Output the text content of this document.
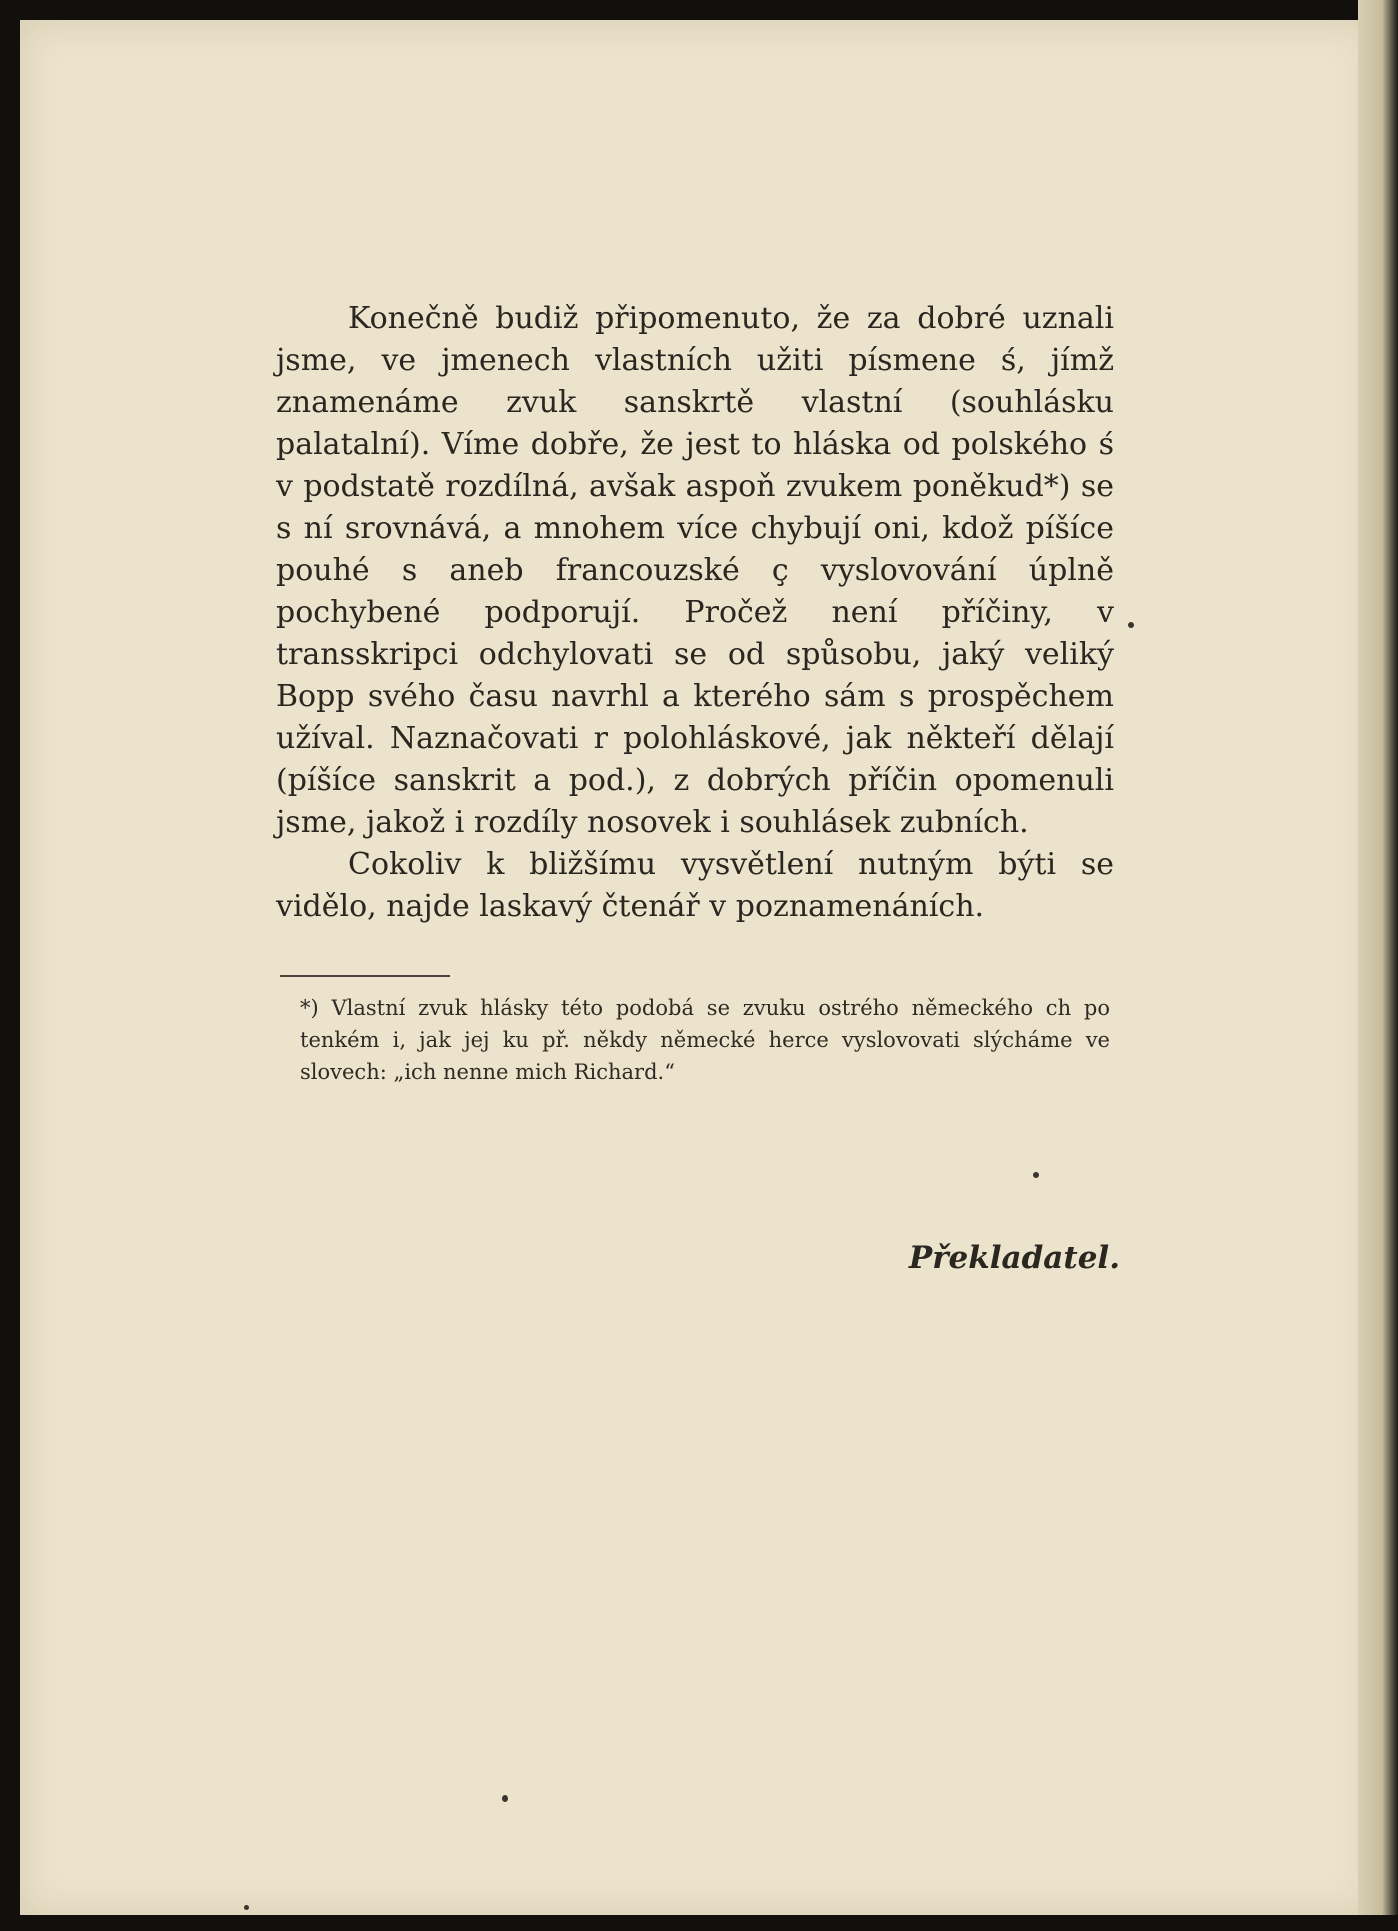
Konečně budiž připomenuto, že za dobré uznali jsme, ve jmenech vlastních užiti písmene ś, jímž znamenáme zvuk sanskrtě vlastní (souhlásku palatalní). Víme dobře, že jest to hláska od polského ś v podstatě rozdílná, avšak aspoň zvukem poněkud*) se s ní srovnává, a mnohem více chybují oni, kdož píšíce pouhé s aneb francouzské ç vyslovování úplně pochybené podporují. Pročež není příčiny, v transskripci odchylovati se od spůsobu, jaký veliký Bopp svého času navrhl a kterého sám s prospěchem užíval. Naznačovati r polohláskové, jak někteří dělají (píšíce sanskrit a pod.), z dobrých příčin opomenuli jsme, jakož i rozdíly nosovek i souhlásek zubních.

Cokoliv k bližšímu vysvětlení nutným býti se vidělo, najde laskavý čtenář v poznamenáních.

*) Vlastní zvuk hlásky této podobá se zvuku ostrého německého ch po tenkém i, jak jej ku př. někdy německé herce vyslovovati slýcháme ve slovech: „ich nenne mich Richard.“
Překladatel.
